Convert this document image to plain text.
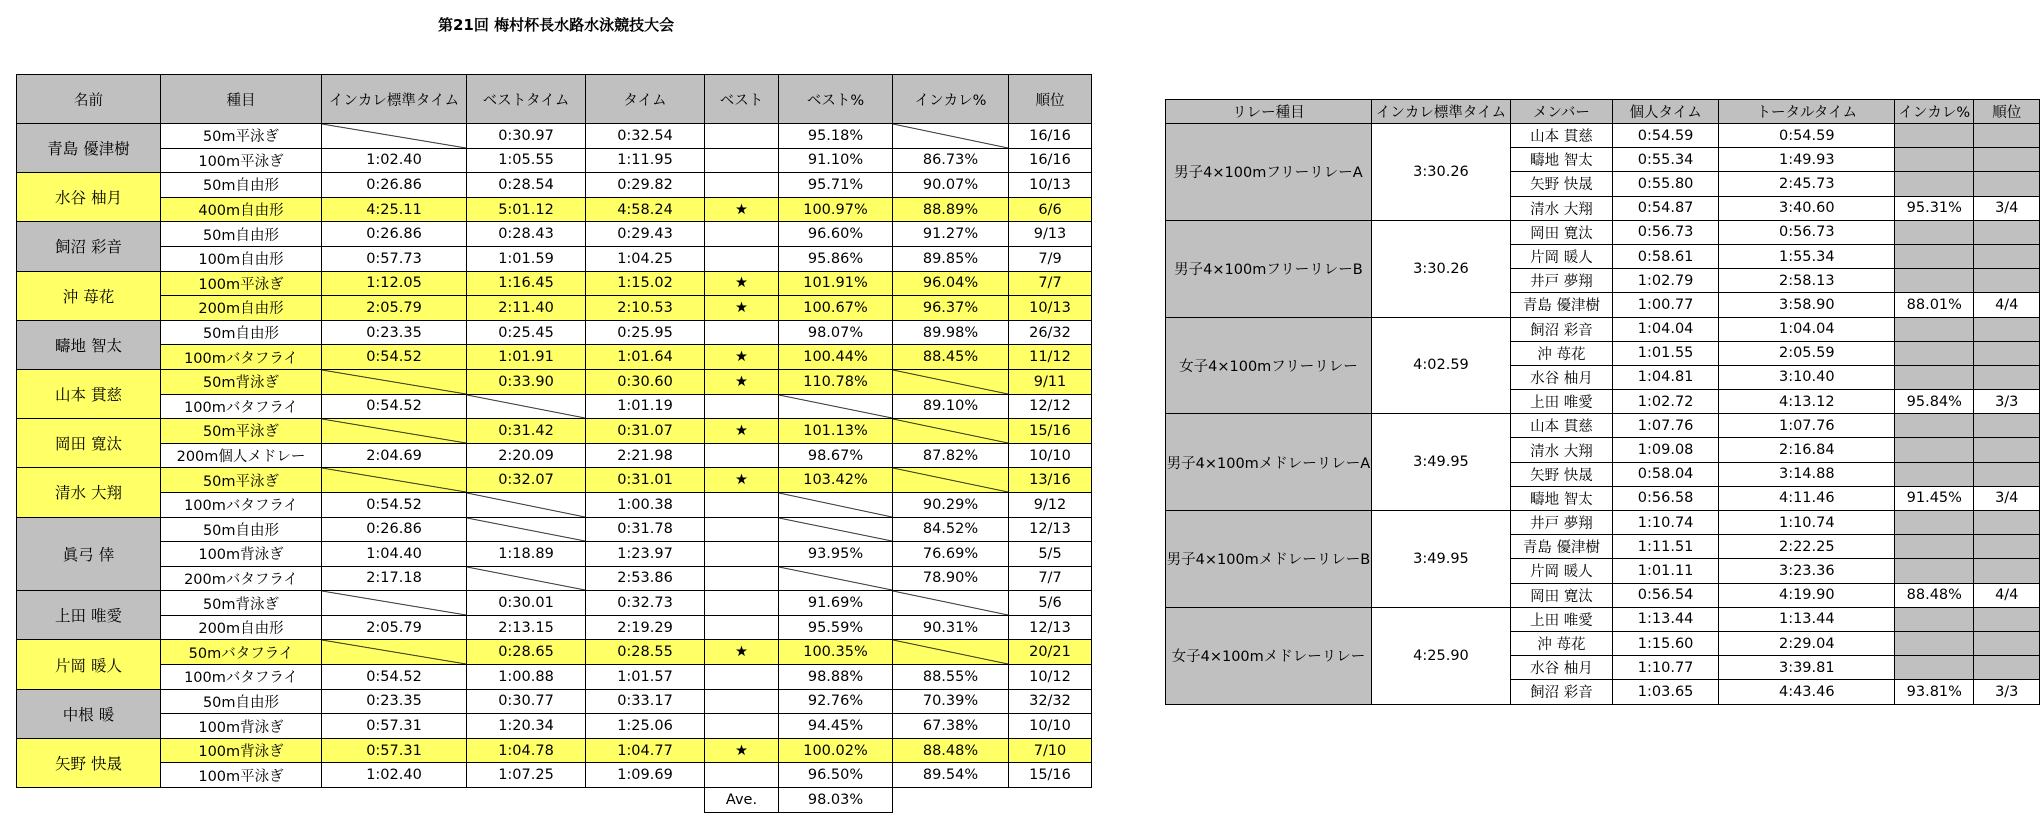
第21回 梅村杯長水路水泳競技大会
名前	種目	インカレ標準タイム	ベストタイム	タイム	ベスト	ベスト%	インカレ%	順位
青島 優津樹	50m平泳ぎ		0:30.97	0:32.54		95.18%		16/16
	100m平泳ぎ	1:02.40	1:05.55	1:11.95		91.10%	86.73%	16/16
水谷 柚月	50m自由形	0:26.86	0:28.54	0:29.82		95.71%	90.07%	10/13
	400m自由形	4:25.11	5:01.12	4:58.24	★	100.97%	88.89%	6/6
飼沼 彩音	50m自由形	0:26.86	0:28.43	0:29.43		96.60%	91.27%	9/13
	100m自由形	0:57.73	1:01.59	1:04.25		95.86%	89.85%	7/9
沖 苺花	100m平泳ぎ	1:12.05	1:16.45	1:15.02	★	101.91%	96.04%	7/7
	200m自由形	2:05.79	2:11.40	2:10.53	★	100.67%	96.37%	10/13
疇地 智太	50m自由形	0:23.35	0:25.45	0:25.95		98.07%	89.98%	26/32
	100mバタフライ	0:54.52	1:01.91	1:01.64	★	100.44%	88.45%	11/12
山本 貫慈	50m背泳ぎ		0:33.90	0:30.60	★	110.78%		9/11
	100mバタフライ	0:54.52		1:01.19			89.10%	12/12
岡田 寛汰	50m平泳ぎ		0:31.42	0:31.07	★	101.13%		15/16
	200m個人メドレー	2:04.69	2:20.09	2:21.98		98.67%	87.82%	10/10
清水 大翔	50m平泳ぎ		0:32.07	0:31.01	★	103.42%		13/16
	100mバタフライ	0:54.52		1:00.38			90.29%	9/12
眞弓 倖	50m自由形	0:26.86		0:31.78			84.52%	12/13
	100m背泳ぎ	1:04.40	1:18.89	1:23.97		93.95%	76.69%	5/5
	200mバタフライ	2:17.18		2:53.86			78.90%	7/7
上田 唯愛	50m背泳ぎ		0:30.01	0:32.73		91.69%		5/6
	200m自由形	2:05.79	2:13.15	2:19.29		95.59%	90.31%	12/13
片岡 暖人	50mバタフライ		0:28.65	0:28.55	★	100.35%		20/21
	100mバタフライ	0:54.52	1:00.88	1:01.57		98.88%	88.55%	10/12
中根 暖	50m自由形	0:23.35	0:30.77	0:33.17		92.76%	70.39%	32/32
	100m背泳ぎ	0:57.31	1:20.34	1:25.06		94.45%	67.38%	10/10
矢野 快晟	100m背泳ぎ	0:57.31	1:04.78	1:04.77	★	100.02%	88.48%	7/10
	100m平泳ぎ	1:02.40	1:07.25	1:09.69		96.50%	89.54%	15/16
					Ave.	98.03%		
リレー種目	インカレ標準タイム	メンバー	個人タイム	トータルタイム	インカレ%	順位
男子4×100mフリーリレーA	3:30.26	山本 貫慈	0:54.59	0:54.59		
		疇地 智太	0:55.34	1:49.93		
		矢野 快晟	0:55.80	2:45.73		
		清水 大翔	0:54.87	3:40.60	95.31%	3/4
男子4×100mフリーリレーB	3:30.26	岡田 寛汰	0:56.73	0:56.73		
		片岡 暖人	0:58.61	1:55.34		
		井戸 夢翔	1:02.79	2:58.13		
		青島 優津樹	1:00.77	3:58.90	88.01%	4/4
女子4×100mフリーリレー	4:02.59	飼沼 彩音	1:04.04	1:04.04		
		沖 苺花	1:01.55	2:05.59		
		水谷 柚月	1:04.81	3:10.40		
		上田 唯愛	1:02.72	4:13.12	95.84%	3/3
男子4×100mメドレーリレーA	3:49.95	山本 貫慈	1:07.76	1:07.76		
		清水 大翔	1:09.08	2:16.84		
		矢野 快晟	0:58.04	3:14.88		
		疇地 智太	0:56.58	4:11.46	91.45%	3/4
男子4×100mメドレーリレーB	3:49.95	井戸 夢翔	1:10.74	1:10.74		
		青島 優津樹	1:11.51	2:22.25		
		片岡 暖人	1:01.11	3:23.36		
		岡田 寛汰	0:56.54	4:19.90	88.48%	4/4
女子4×100mメドレーリレー	4:25.90	上田 唯愛	1:13.44	1:13.44		
		沖 苺花	1:15.60	2:29.04		
		水谷 柚月	1:10.77	3:39.81		
		飼沼 彩音	1:03.65	4:43.46	93.81%	3/3
